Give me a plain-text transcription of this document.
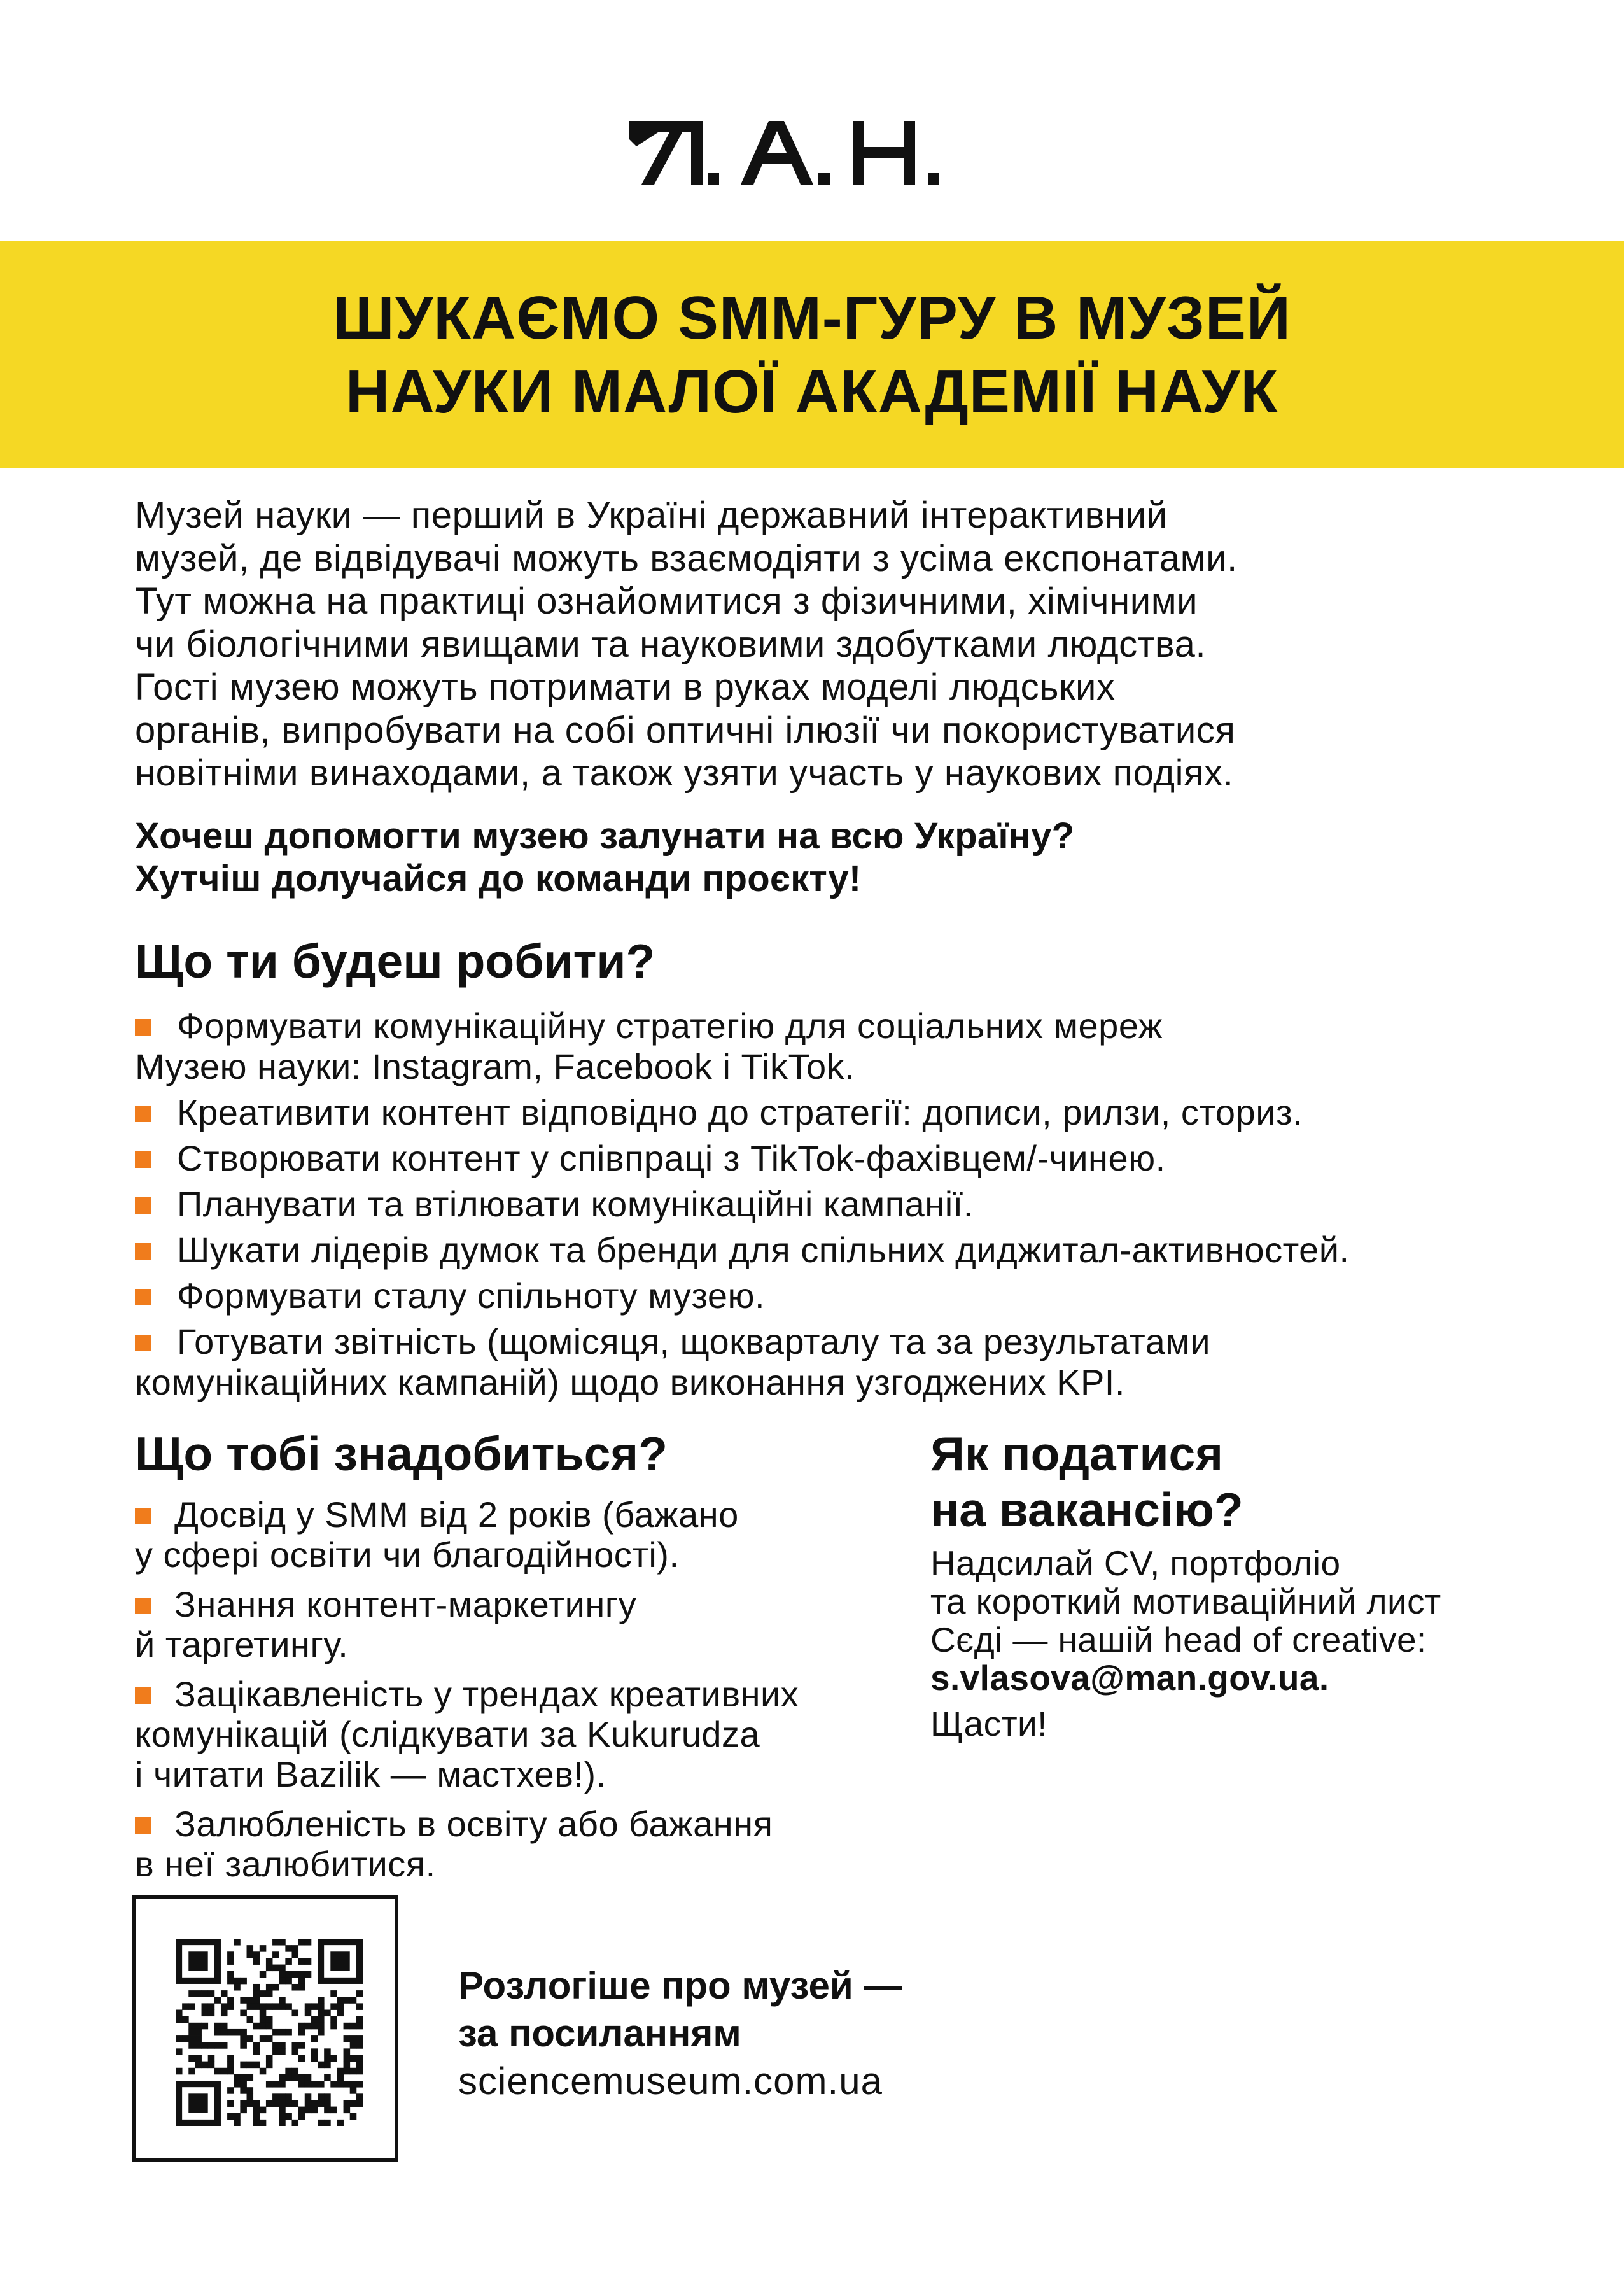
ШУКАЄМО SMM-ГУРУ В МУЗЕЙ
НАУКИ МАЛОЇ АКАДЕМІЇ НАУК
Музей науки — перший в Україні державний інтерактивний
музей, де відвідувачі можуть взаємодіяти з усіма експонатами.
Тут можна на практиці ознайомитися з фізичними, хімічними
чи біологічними явищами та науковими здобутками людства.
Гості музею можуть потримати в руках моделі людських
органів, випробувати на собі оптичні ілюзії чи покористуватися
новітніми винаходами, а також узяти участь у наукових подіях.
Хочеш допомогти музею залунати на всю Україну?
Хутчіш долучайся до команди проєкту!
Що ти будеш робити?
Формувати комунікаційну стратегію для соціальних мереж
Музею науки: Instagram, Facebook і TikTok.
Креативити контент відповідно до стратегії: дописи, рилзи, сториз.
Створювати контент у співпраці з TikTok-фахівцем/-чинею.
Планувати та втілювати комунікаційні кампанії.
Шукати лідерів думок та бренди для спільних диджитал-активностей.
Формувати сталу спільноту музею.
Готувати звітність (щомісяця, щокварталу та за результатами
комунікаційних кампаній) щодо виконання узгоджених KPI.
Що тобі знадобиться?
Досвід у SMM від 2 років (бажано
у сфері освіти чи благодійності).
Знання контент-маркетингу
й таргетингу.
Зацікавленість у трендах креативних
комунікацій (слідкувати за Kukurudza
і читати Bazilik — мастхев!).
Залюбленість в освіту або бажання
в неї залюбитися.
Як податися
на вакансію?
Надсилай CV, портфоліо
та короткий мотиваційний лист
Сєді — нашій head of creative:
s.vlasova@man.gov.ua.
Щасти!
Розлогіше про музей —
за посиланням
sciencemuseum.com.ua
